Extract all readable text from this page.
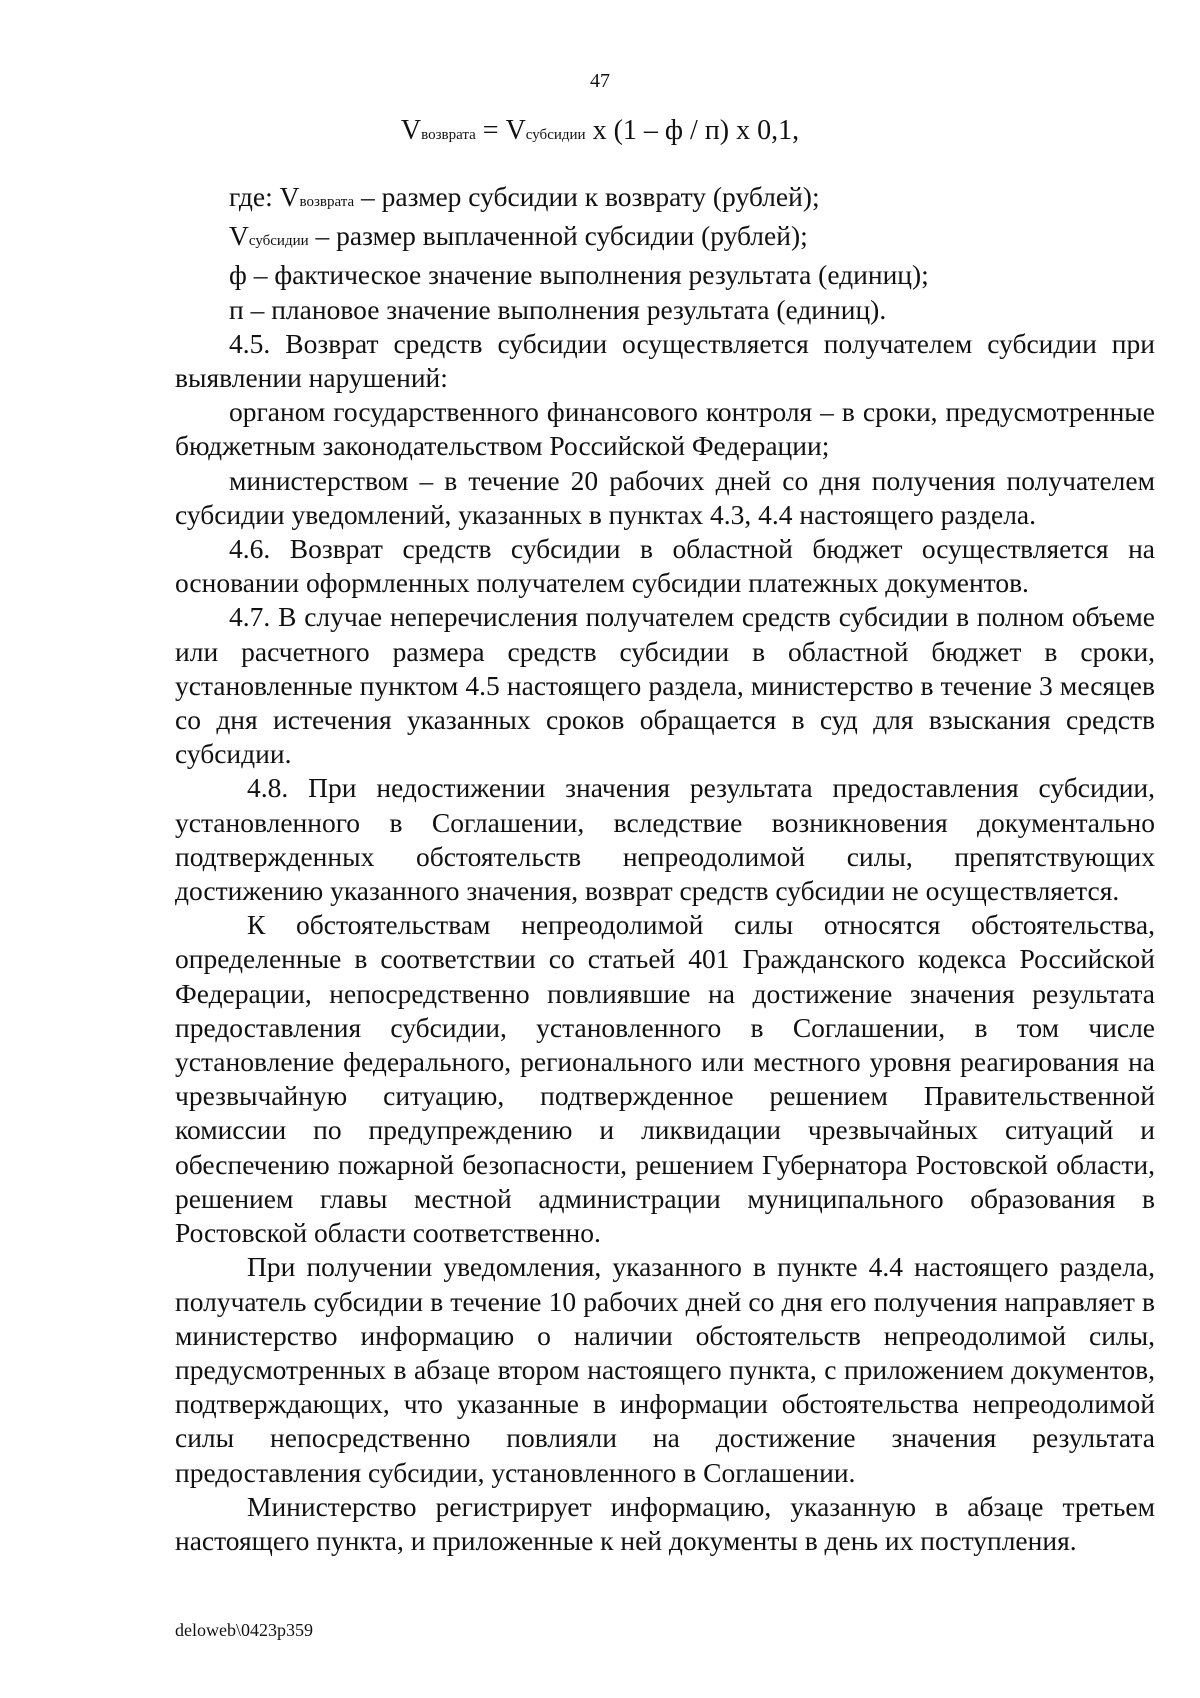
47
Vвозврата = Vсубсидии x (1 – ф / п) x 0,1,

где: Vвозврата – размер субсидии к возврату (рублей);

Vсубсидии – размер выплаченной субсидии (рублей);

ф – фактическое значение выполнения результата (единиц);

п – плановое значение выполнения результата (единиц).

4.5. Возврат средств субсидии осуществляется получателем субсидии при выявлении нарушений:

органом государственного финансового контроля – в сроки, предусмотренные бюджетным законодательством Российской Федерации;

министерством – в течение 20 рабочих дней со дня получения получателем субсидии уведомлений, указанных в пунктах 4.3, 4.4 настоящего раздела.

4.6. Возврат средств субсидии в областной бюджет осуществляется на основании оформленных получателем субсидии платежных документов.

4.7. В случае неперечисления получателем средств субсидии в полном объеме или расчетного размера средств субсидии в областной бюджет в сроки, установленные пунктом 4.5 настоящего раздела, министерство в течение 3 месяцев со дня истечения указанных сроков обращается в суд для взыскания средств субсидии.

4.8. При недостижении значения результата предоставления субсидии, установленного в Соглашении, вследствие возникновения документально подтвержденных обстоятельств непреодолимой силы, препятствующих достижению указанного значения, возврат средств субсидии не осуществляется.

К обстоятельствам непреодолимой силы относятся обстоятельства, определенные в соответствии со статьей 401 Гражданского кодекса Российской Федерации, непосредственно повлиявшие на достижение значения результата предоставления субсидии, установленного в Соглашении, в том числе установление федерального, регионального или местного уровня реагирования на чрезвычайную ситуацию, подтвержденное решением Правительственной комиссии по предупреждению и ликвидации чрезвычайных ситуаций и обеспечению пожарной безопасности, решением Губернатора Ростовской области, решением главы местной администрации муниципального образования в Ростовской области соответственно.

При получении уведомления, указанного в пункте 4.4 настоящего раздела, получатель субсидии в течение 10 рабочих дней со дня его получения направляет в министерство информацию о наличии обстоятельств непреодолимой силы, предусмотренных в абзаце втором настоящего пункта, с приложением документов, подтверждающих, что указанные в информации обстоятельства непреодолимой силы непосредственно повлияли на достижение значения результата предоставления субсидии, установленного в Соглашении.

Министерство регистрирует информацию, указанную в абзаце третьем настоящего пункта, и приложенные к ней документы в день их поступления.

deloweb\0423p359
